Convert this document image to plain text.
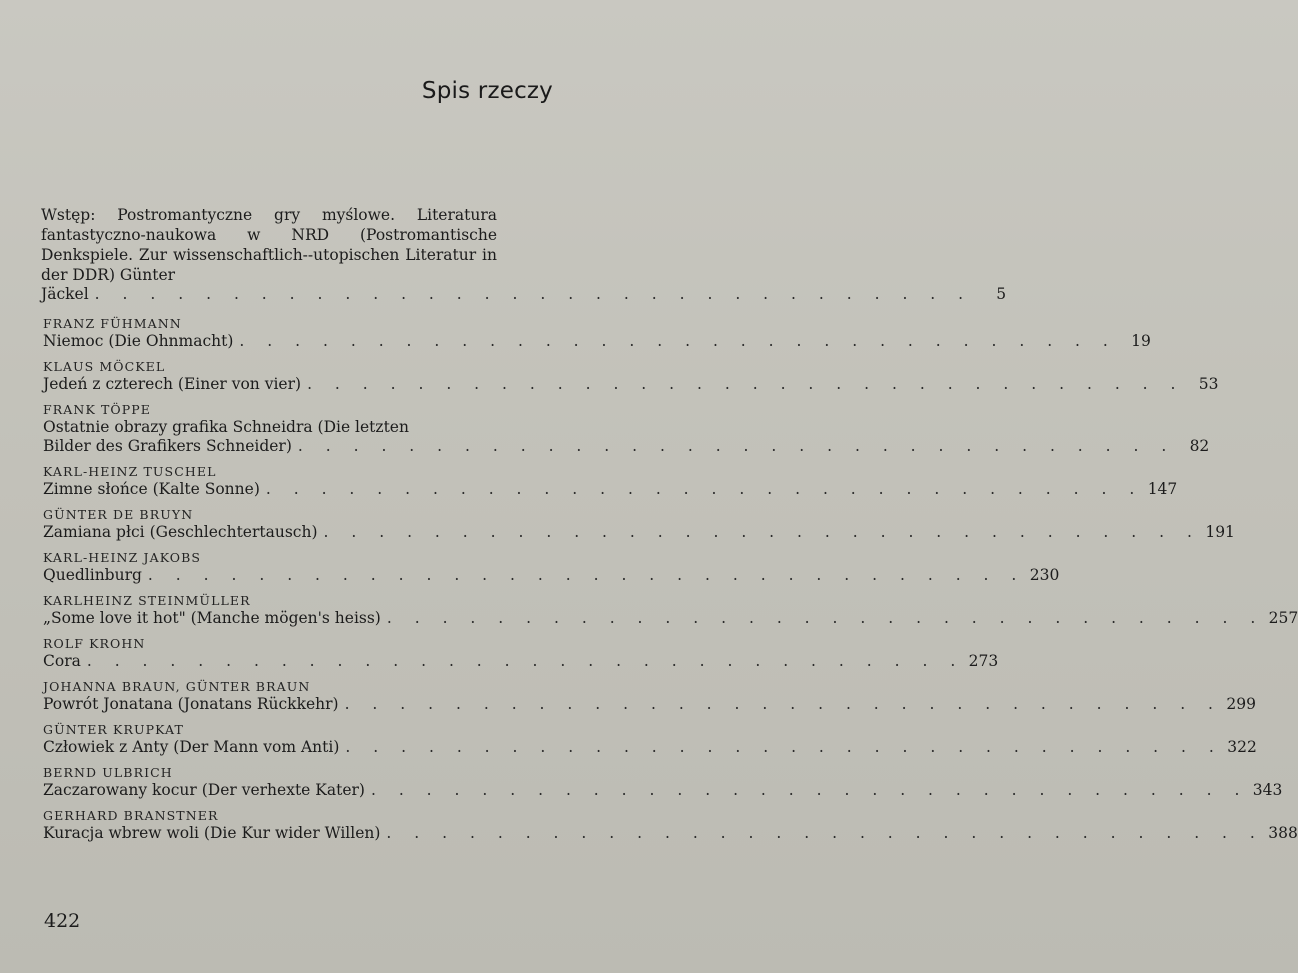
Spis rzeczy
Wstęp: Postromantyczne gry myślowe. Literatura fantastyczno-naukowa w NRD (Postromantische Denkspiele. Zur wissenschaftlich--utopischen Literatur in der DDR) Günter
Jäckel . . . . . . . . . . . . . . . . . . . . . . . . . . . . . . . .	5
FRANZ FÜHMANN
Niemoc (Die Ohnmacht) . . . . . . . . . . . . . . . . . . . . . . . . . . . . . . . . 19
KLAUS MÖCKEL
Jedeń z czterech (Einer von vier) . . . . . . . . . . . . . . . . . . . . . . . . . . . . . . . . 53
FRANK TÖPPE
Ostatnie obrazy grafika Schneidra (Die letzten
Bilder des Grafikers Schneider) . . . . . . . . . . . . . . . . . . . . . . . . . . . . . . . . 82
KARL-HEINZ TUSCHEL
Zimne słońce (Kalte Sonne) . . . . . . . . . . . . . . . . . . . . . . . . . . . . . . . . 147
GÜNTER DE BRUYN
Zamiana płci (Geschlechtertausch) . . . . . . . . . . . . . . . . . . . . . . . . . . . . . . . . 191
KARL-HEINZ JAKOBS
Quedlinburg . . . . . . . . . . . . . . . . . . . . . . . . . . . . . . . . 230
KARLHEINZ STEINMÜLLER
„Some love it hot" (Manche mögen's heiss) . . . . . . . . . . . . . . . . . . . . . . . . . . . . . . . . 257
ROLF KROHN
Cora . . . . . . . . . . . . . . . . . . . . . . . . . . . . . . . . 273
JOHANNA BRAUN, GÜNTER BRAUN
Powrót Jonatana (Jonatans Rückkehr) . . . . . . . . . . . . . . . . . . . . . . . . . . . . . . . . 299
GÜNTER KRUPKAT
Człowiek z Anty (Der Mann vom Anti) . . . . . . . . . . . . . . . . . . . . . . . . . . . . . . . . 322
BERND ULBRICH
Zaczarowany kocur (Der verhexte Kater) . . . . . . . . . . . . . . . . . . . . . . . . . . . . . . . . 343
GERHARD BRANSTNER
Kuracja wbrew woli (Die Kur wider Willen) . . . . . . . . . . . . . . . . . . . . . . . . . . . . . . . . 388
422
